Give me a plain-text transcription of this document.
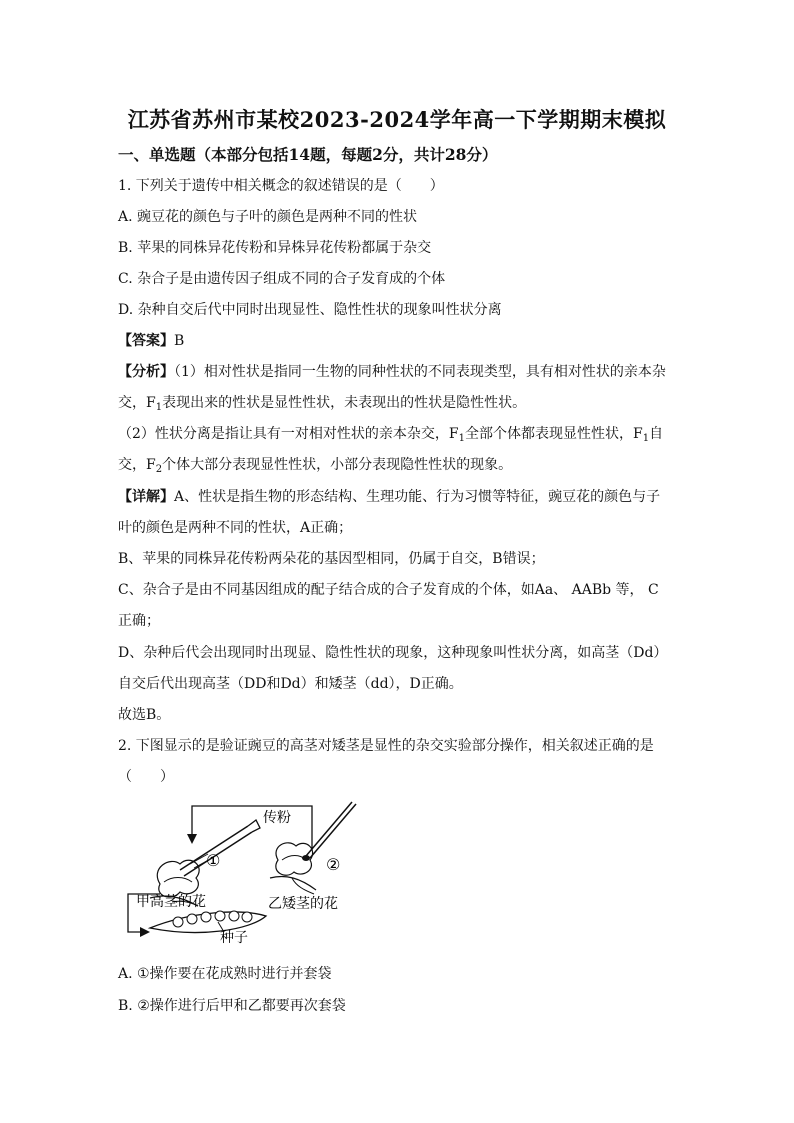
江苏省苏州市某校2023-2024学年高一下学期期末模拟
一、单选题（本部分包括14题，每题2分，共计28分）
1. 下列关于遗传中相关概念的叙述错误的是（　　）
A. 豌豆花的颜色与子叶的颜色是两种不同的性状
B. 苹果的同株异花传粉和异株异花传粉都属于杂交
C. 杂合子是由遗传因子组成不同的合子发育成的个体
D. 杂种自交后代中同时出现显性、隐性性状的现象叫性状分离
【答案】B
【分析】（1）相对性状是指同一生物的同种性状的不同表现类型，具有相对性状的亲本杂
交，$F_1$表现出来的性状是显性性状，未表现出的性状是隐性性状。
（2）性状分离是指让具有一对相对性状的亲本杂交，$F_1$全部个体都表现显性性状，$F_1$自
交，$F_2$个体大部分表现显性性状，小部分表现隐性性状的现象。
【详解】A、性状是指生物的形态结构、生理功能、行为习惯等特征，豌豆花的颜色与子
叶的颜色是两种不同的性状，A正确；
B、苹果的同株异花传粉两朵花的基因型相同，仍属于自交，B错误；
C、杂合子是由不同基因组成的配子结合成的合子发育成的个体，如Aa、 AABb 等， C
正确；
D、杂种后代会出现同时出现显、隐性性状的现象，这种现象叫性状分离，如高茎（Dd）
自交后代出现高茎（DD和Dd）和矮茎（dd），D正确。
故选B。
2. 下图显示的是验证豌豆的高茎对矮茎是显性的杂交实验部分操作，相关叙述正确的是
（　　）
传粉
①	②
甲高茎的花	乙矮茎的花
种子
A. ①操作要在花成熟时进行并套袋
B. ②操作进行后甲和乙都要再次套袋
